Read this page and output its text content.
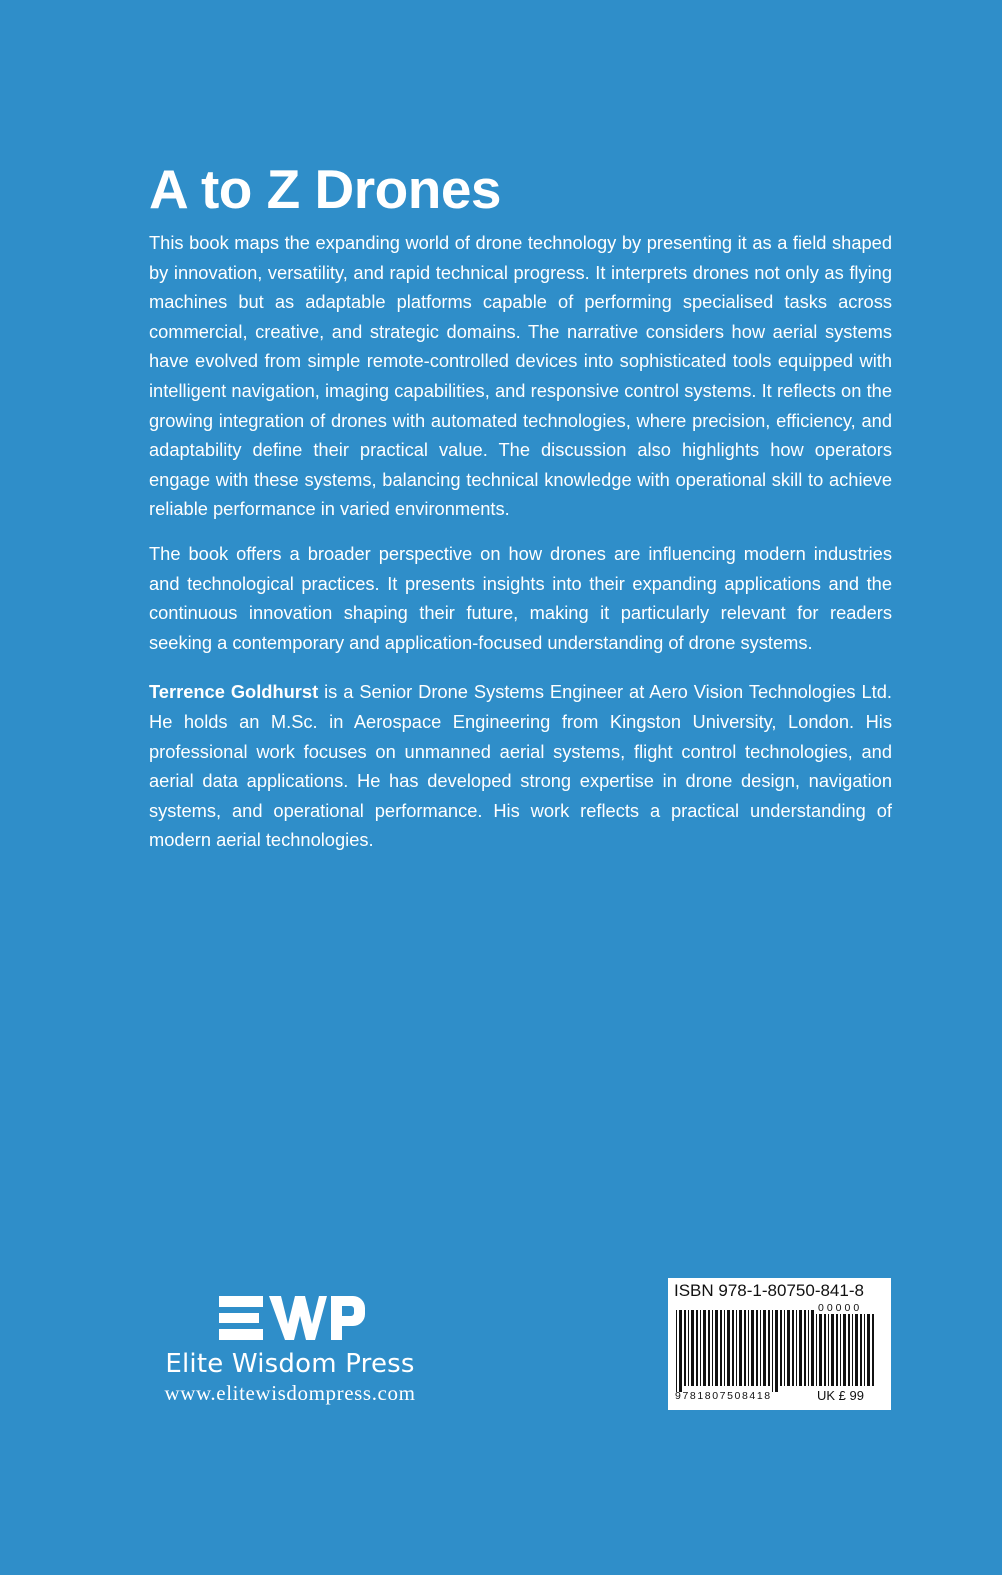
A to Z Drones

This book maps the expanding world of drone technology by presenting it as a field shaped by innovation, versatility, and rapid technical progress. It interprets drones not only as flying machines but as adaptable platforms capable of performing specialised tasks across commercial, creative, and strategic domains. The narrative considers how aerial systems have evolved from simple remote-controlled devices into sophisticated tools equipped with intelligent navigation, imaging capabilities, and responsive control systems. It reflects on the growing integration of drones with automated technologies, where precision, efficiency, and adaptability define their practical value. The discussion also highlights how operators engage with these systems, balancing technical knowledge with operational skill to achieve reliable performance in varied environments.

The book offers a broader perspective on how drones are influencing modern industries and technological practices. It presents insights into their expanding applications and the continuous innovation shaping their future, making it particularly relevant for readers seeking a contemporary and application-focused understanding of drone systems.

Terrence Goldhurst is a Senior Drone Systems Engineer at Aero Vision Technologies Ltd. He holds an M.Sc. in Aerospace Engineering from Kingston University, London. His professional work focuses on unmanned aerial systems, flight control technologies, and aerial data applications. He has developed strong expertise in drone design, navigation systems, and operational performance. His work reflects a practical understanding of modern aerial technologies.

Elite Wisdom Press
www.elitewisdompress.com
ISBN 978-1-80750-841-8
00000
9781807508418	UK £ 99
